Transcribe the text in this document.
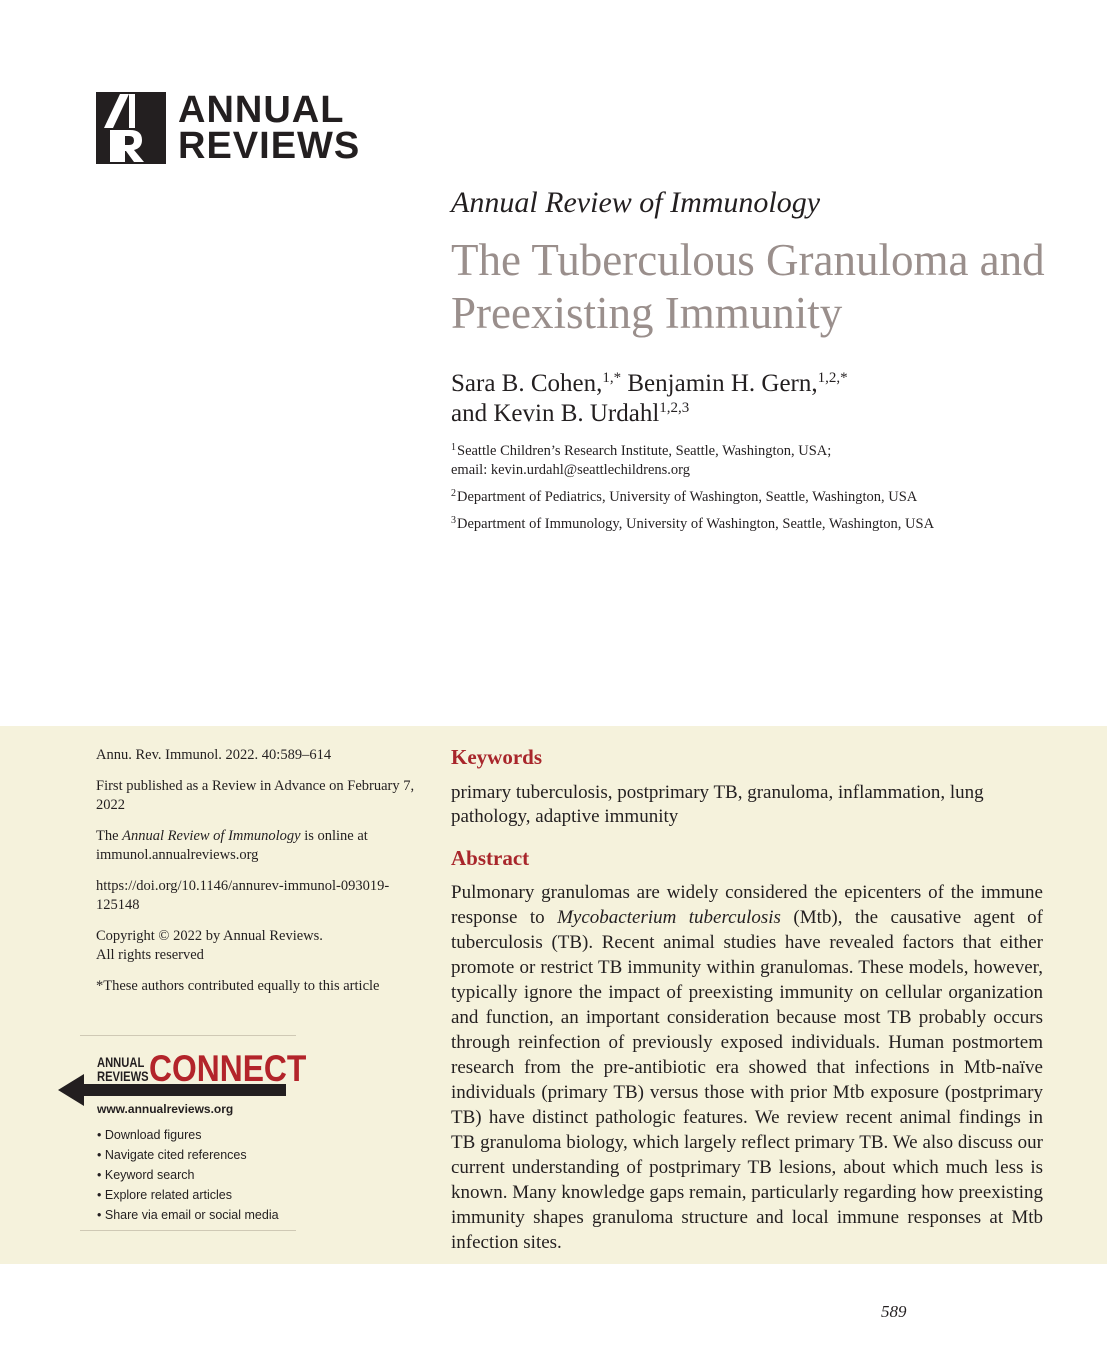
ANNUAL
REVIEWS
Annual Review of Immunology
The Tuberculous Granuloma and Preexisting Immunity
Sara B. Cohen,$^{1,*}$ Benjamin H. Gern,$^{1,2,*}$
and Kevin B. Urdahl$^{1,2,3}$

$^1$Seattle Children’s Research Institute, Seattle, Washington, USA;
email: kevin.urdahl@seattlechildrens.org

$^2$Department of Pediatrics, University of Washington, Seattle, Washington, USA

$^3$Department of Immunology, University of Washington, Seattle, Washington, USA

Annu. Rev. Immunol. 2022. 40:589–614

First published as a Review in Advance on February 7, 2022

The Annual Review of Immunology is online at immunol.annualreviews.org

https://doi.org/10.1146/annurev-immunol-093019-125148

Copyright © 2022 by Annual Reviews.
All rights reserved

*These authors contributed equally to this article

ANNUAL
REVIEWS CONNECT
www.annualreviews.org
• Download figures
• Navigate cited references
• Keyword search
• Explore related articles
• Share via email or social media
Keywords
primary tuberculosis, postprimary TB, granuloma, inflammation, lung pathology, adaptive immunity
Abstract

Pulmonary granulomas are widely considered the epicenters of the immune response to Mycobacterium tuberculosis (Mtb), the causative agent of tuberculosis (TB). Recent animal studies have revealed factors that either promote or restrict TB immunity within granulomas. These models, however, typically ignore the impact of preexisting immunity on cellular organization and function, an important consideration because most TB probably occurs through reinfection of previously exposed individuals. Human postmortem research from the pre-antibiotic era showed that infections in Mtb-naïve individuals (primary TB) versus those with prior Mtb exposure (postprimary TB) have distinct pathologic features. We review recent animal findings in TB granuloma biology, which largely reflect primary TB. We also discuss our current understanding of postprimary TB lesions, about which much less is known. Many knowledge gaps remain, particularly regarding how preexisting immunity shapes granuloma structure and local immune responses at Mtb infection sites.

589
